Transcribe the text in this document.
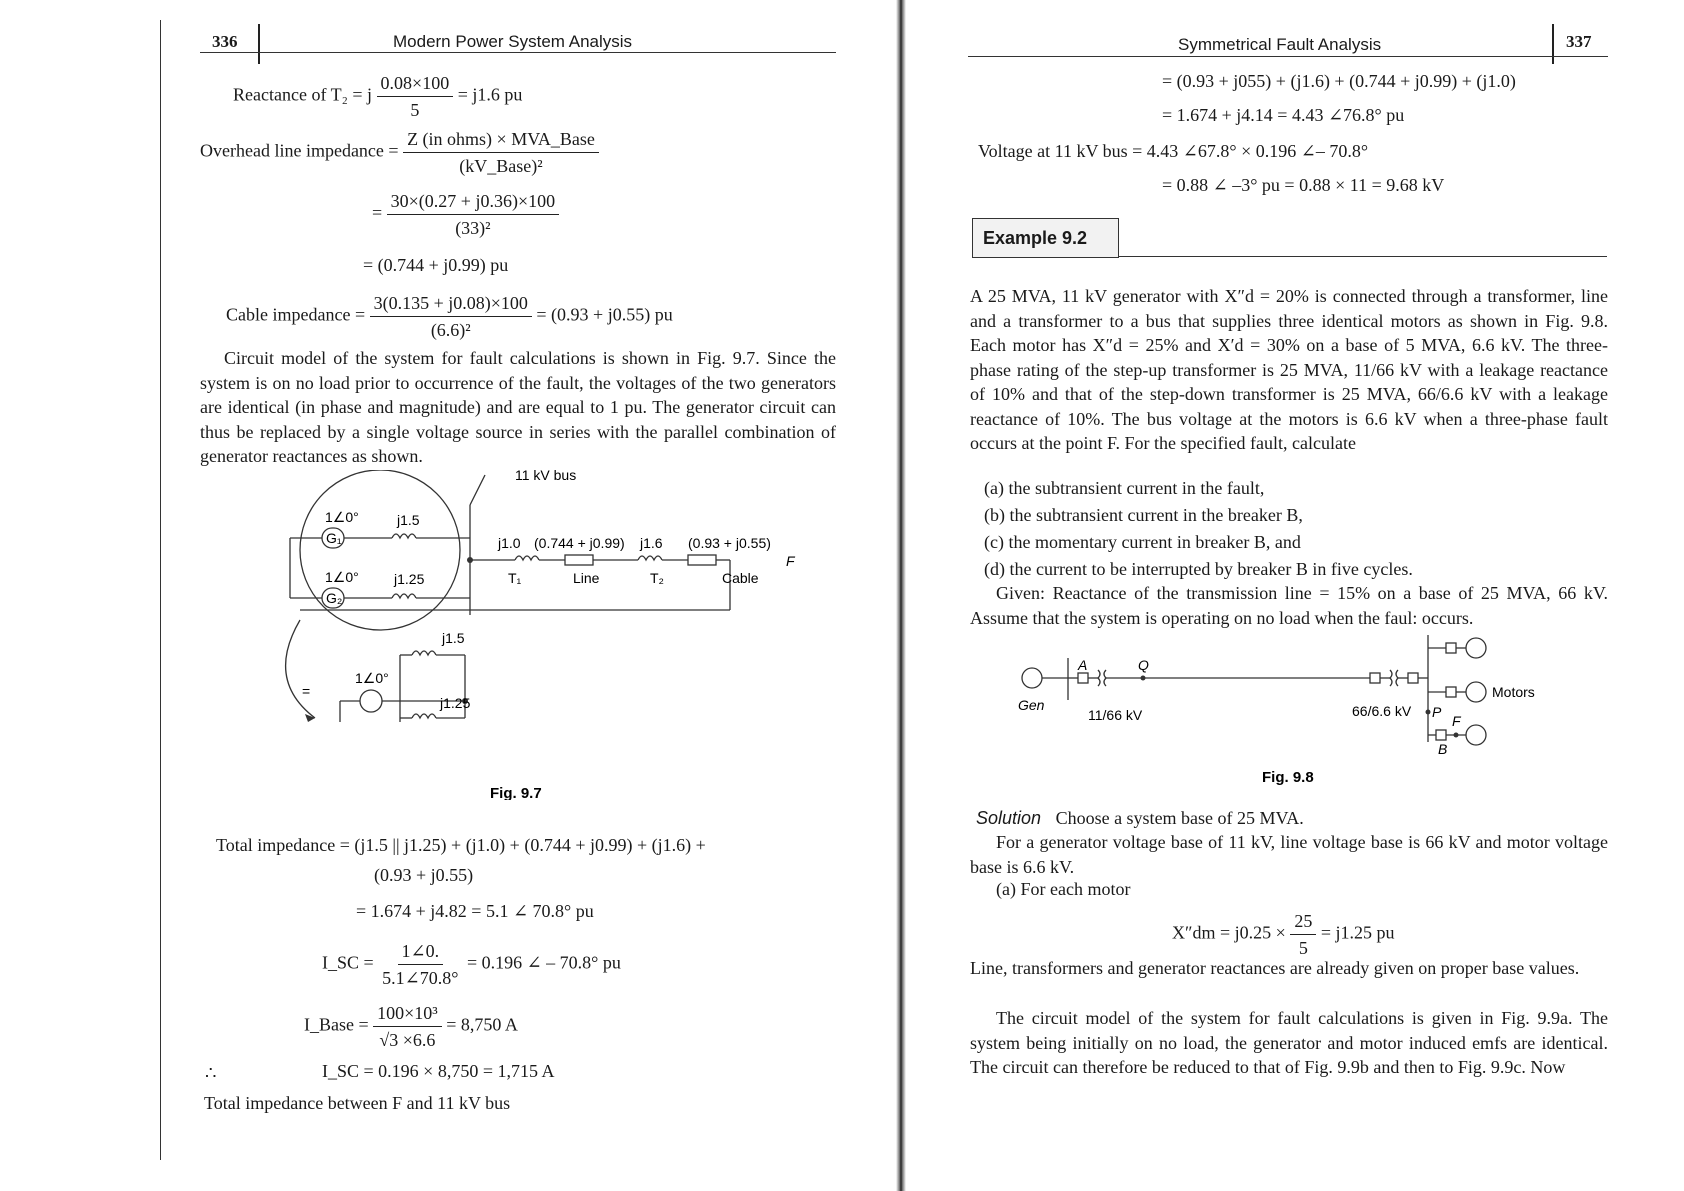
336	Modern Power System Analysis
Reactance of T₂ = j $\frac{0.08\times 100}{5} = j1.6$ pu
Overhead line impedance = $\frac{\text{Z (in ohms) × MVA\_Base}}{\text{(kV\_Base)²}}$
= $\frac{30\times(0.27 + j0.36)\times 100}{\text{(33)²}}$
= (0.744 + j0.99) pu
Cable impedance = $\frac{3(0.135 + j0.08)\times 100}{\text{(6.6)²}} = (0.93 + j0.55)$ pu
Circuit model of the system for fault calculations is shown in Fig. 9.7. Since the system is on no load prior to occurrence of the fault, the voltages of the two generators are identical (in phase and magnitude) and are equal to 1 pu. The generator circuit can thus be replaced by a single voltage source in series with the parallel combination of generator reactances as shown.
11 kV bus
1∠0°
G₁
j1.5
1∠0°
G₂
j1.25
j1.0
T₁
(0.744 + j0.99)
Line
j1.6
T₂
(0.93 + j0.55)
Cable
F
=
1∠0°
j1.5
j1.25
Fig. 9.7
Total impedance = (j1.5 || j1.25) + (j1.0) + (0.744 + j0.99) + (j1.6) +
(0.93 + j0.55)
= 1.674 + j4.82 = 5.1 ∠ 70.8° pu
I_SC = $\frac{1\angle 0.}{5.1\angle 70.8^\circ} = 0.196$ ∠ – 70.8° pu
I_Base = $\frac{\text{100×10³}}{√3 \times 6.6} = 8,750$ A
∴	I_SC = 0.196 × 8,750 = 1,715 A
Total impedance between F and 11 kV bus
Symmetrical Fault Analysis	337
= (0.93 + j055) + (j1.6) + (0.744 + j0.99) + (j1.0)
= 1.674 + j4.14 = 4.43 ∠76.8° pu
Voltage at 11 kV bus = 4.43 ∠67.8° × 0.196 ∠– 70.8°
= 0.88 ∠ –3° pu = 0.88 × 11 = 9.68 kV
Example 9.2
A 25 MVA, 11 kV generator with X″d = 20% is connected through a transformer, line and a transformer to a bus that supplies three identical motors as shown in Fig. 9.8. Each motor has X″d = 25% and X′d = 30% on a base of 5 MVA, 6.6 kV. The three-phase rating of the step-up transformer is 25 MVA, 11/66 kV with a leakage reactance of 10% and that of the step-down transformer is 25 MVA, 66/6.6 kV with a leakage reactance of 10%. The bus voltage at the motors is 6.6 kV when a three-phase fault occurs at the point F. For the specified fault, calculate
(a) the subtransient current in the fault,
(b) the subtransient current in the breaker B,
(c) the momentary current in breaker B, and
(d) the current to be interrupted by breaker B in five cycles.
Given: Reactance of the transmission line = 15% on a base of 25 MVA, 66 kV. Assume that the system is operating on no load when the faul: occurs.
Gen
A	Q
11/66 kV	66/6.6 kV P
F
B
Motors
Fig. 9.8
Solution Choose a system base of 25 MVA.
For a generator voltage base of 11 kV, line voltage base is 66 kV and motor voltage base is 6.6 kV.
(a) For each motor
$X''dm = j0.25 \times \frac{25}{5} = j1.25$ pu
Line, transformers and generator reactances are already given on proper base values.
The circuit model of the system for fault calculations is given in Fig. 9.9a. The system being initially on no load, the generator and motor induced emfs are identical. The circuit can therefore be reduced to that of Fig. 9.9b and then to Fig. 9.9c. Now
